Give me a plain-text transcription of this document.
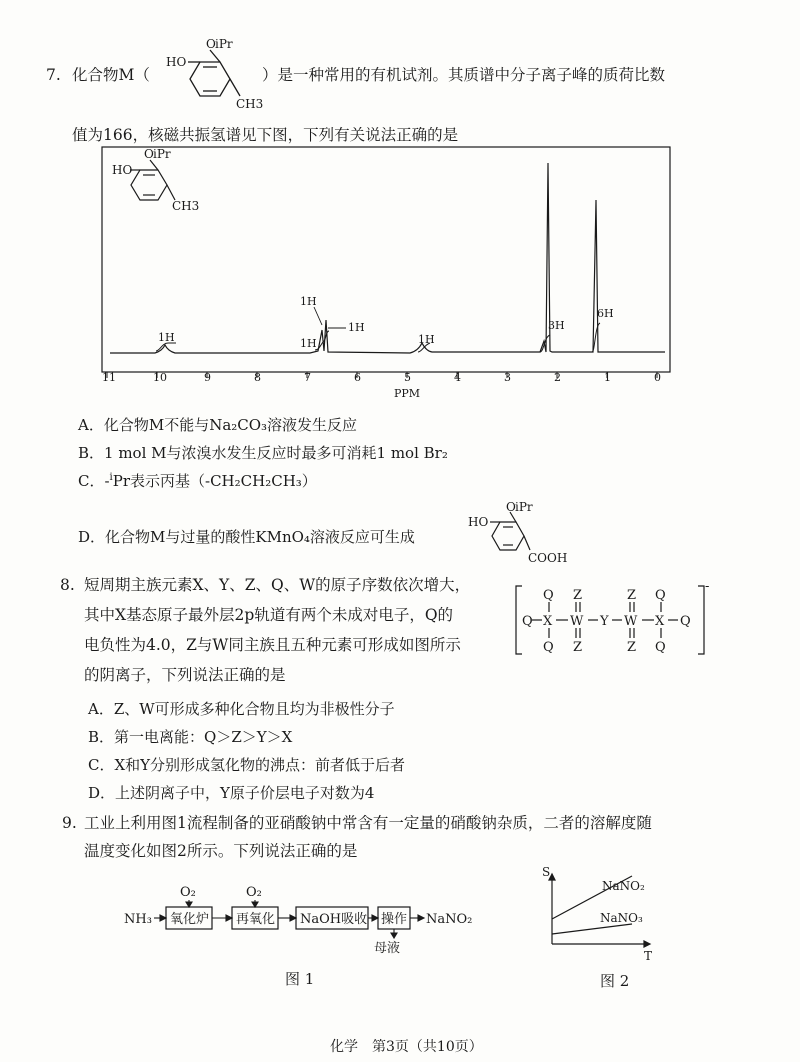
7. 化合物M（
O iPr
HO
CH3
）是一种常用的有机试剂。其质谱中分子离子峰的质荷比数
值为166，核磁共振氢谱见下图，下列有关说法正确的是
O iPr
HO
CH3
1H
1H
1H
1H	1H
3H
6H
11	10	9	8	7	6	5	4	3	2	1	0
PPM
A．化合物M不能与Na₂CO₃溶液发生反应
B．1 mol M与浓溴水发生反应时最多可消耗1 mol Br₂
C．-$^i$Pr表示丙基（-CH₂CH₂CH₃）
D．化合物M与过量的酸性KMnO₄溶液反应可生成
O iPr
HO
COOH
8. 短周期主族元素X、Y、Z、Q、W的原子序数依次增大，
其中X基态原子最外层2p轨道有两个未成对电子，Q的
电负性为4.0，Z与W同主族且五种元素可形成如图所示
的阴离子，下列说法正确的是
Q X
Q
Q
W
Z
Z
Y W
Z
Z
X
Q
Q
Q
-
A．Z、W可形成多种化合物且均为非极性分子
B．第一电离能：Q＞Z＞Y＞X
C．X和Y分别形成氢化物的沸点：前者低于后者
D．上述阴离子中，Y原子价层电子对数为4
9. 工业上利用图1流程制备的亚硝酸钠中常含有一定量的硝酸钠杂质，二者的溶解度随
温度变化如图2所示。下列说法正确的是
NH₃
O₂	O₂
氧化炉 再氧化 NaOH吸收 操作 NaNO₂
母液
图 1
S
T
NaNO₂
NaNO₃
图 2
化学　第3页（共10页）
